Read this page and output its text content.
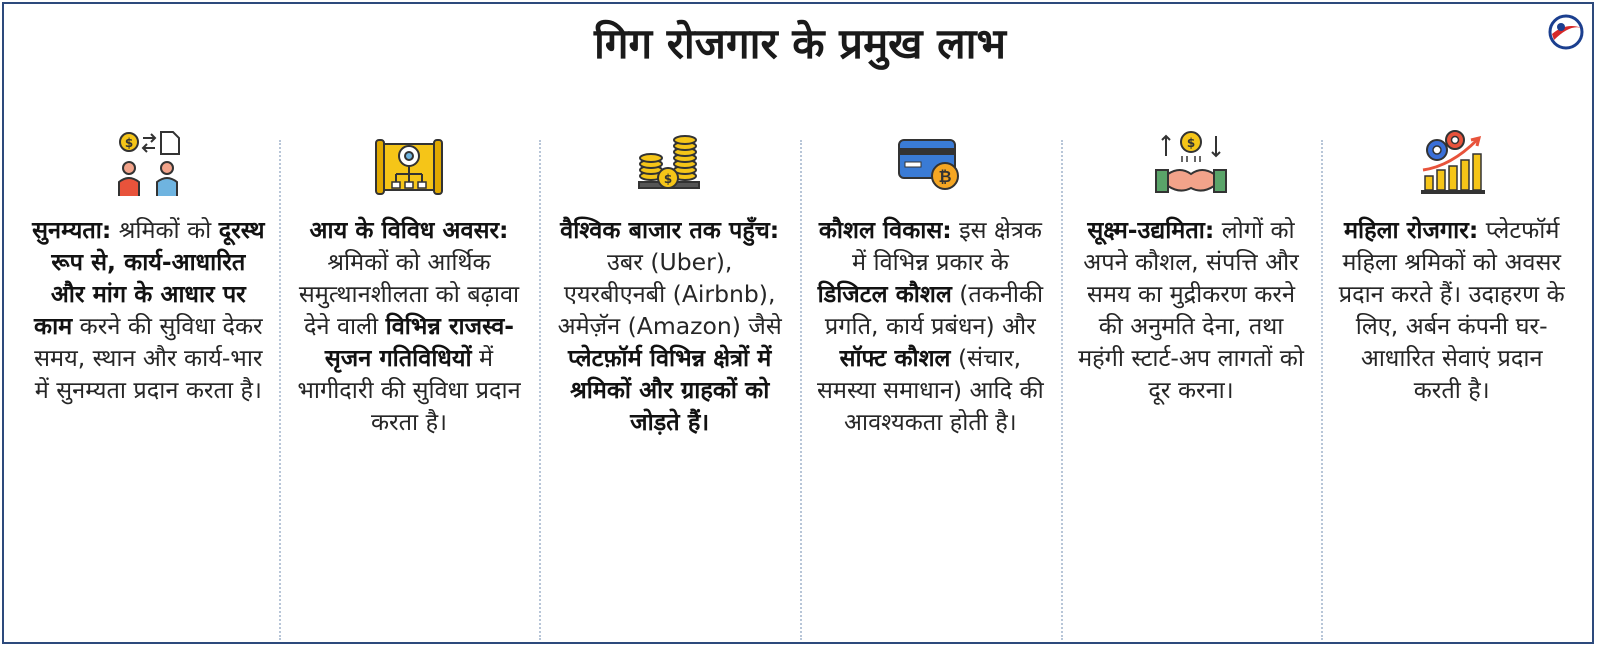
गिग रोजगार के प्रमुख लाभ
$
सुनम्यता: श्रमिकों को दूरस्थ रूप से, कार्य-आधारित और मांग के आधार पर काम करने की सुविधा देकर समय, स्थान और कार्य-भार में सुनम्यता प्रदान करता है।
आय के विविध अवसर: श्रमिकों को आर्थिक समुत्थानशीलता को बढ़ावा देने वाली विभिन्न राजस्व-सृजन गतिविधियों में भागीदारी की सुविधा प्रदान करता है।
$
वैश्विक बाजार तक पहुँच: उबर (Uber), एयरबीएनबी (Airbnb), अमेज़ॅन (Amazon) जैसे प्लेटफ़ॉर्म विभिन्न क्षेत्रों में श्रमिकों और ग्राहकों को जोड़ते हैं।
₿
कौशल विकास: इस क्षेत्रक में विभिन्न प्रकार के डिजिटल कौशल (तकनीकी प्रगति, कार्य प्रबंधन) और सॉफ्ट कौशल (संचार, समस्या समाधान) आदि की आवश्यकता होती है।
$
सूक्ष्म-उद्यमिता: लोगों को अपने कौशल, संपत्ति और समय का मुद्रीकरण करने की अनुमति देना, तथा महंगी स्टार्ट-अप लागतों को दूर करना।
महिला रोजगार: प्लेटफॉर्म महिला श्रमिकों को अवसर प्रदान करते हैं। उदाहरण के लिए, अर्बन कंपनी घर-आधारित सेवाएं प्रदान करती है।
